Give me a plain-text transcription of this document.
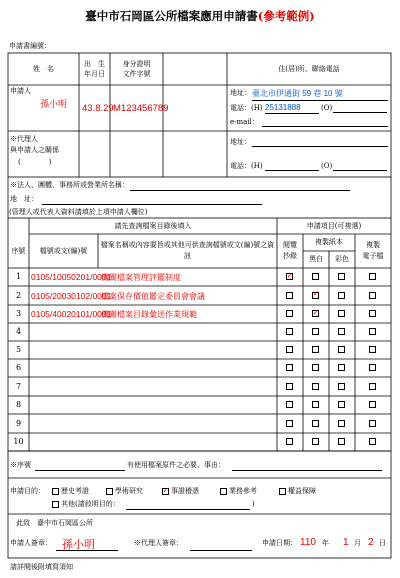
臺中市石岡區公所檔案應用申請書(參考範例)
申請書編號：
姓　名
出　生
年月日
身分證明
文件字號
住(居)所、聯絡電話
申請人
孫小明 43.8.29 M123456789
地址： 臺北市伊通街 59 巷 10 號
電話：(H) 25131888	(O)
e-mail：
※代理人
與申請人之關係
(　　　　)
地址：
電話：(H)	(O)
※法人、團體、事務所或營業所名稱：
地　址：
(管理人或代表人資料請填於上項申請人欄位)
請先查詢檔案目錄後填入	申請項目(可複選)
序號	檔號或文(編)號
檔案名稱或內容要旨或其他可供查詢檔號或文(編)號之資訊
閱覽
抄錄
複製紙本
黑白	彩色
複製
電子檔
1	0105/10050201/0001
機關檔案管理評鑑制度
✓
2	0105/20030102/0001
檔案保存價值鑑定委員會會議
✓
3	0105/40020101/0001
機關檔案目錄彙送作業規範
✓
4
5
6
7
8
9
10
※序號	有使用檔案原件之必要，事由：
申請目的： 歷史考證	學術研究
✓	事證稽憑	業務參考	權益保障
其他(請敘明目的：	)
此致　臺中市石岡區公所
申請人簽章： 孫小明	※代理人簽章：	申請日期： 110 年 1 月 2 日
請詳閱後附填寫須知
